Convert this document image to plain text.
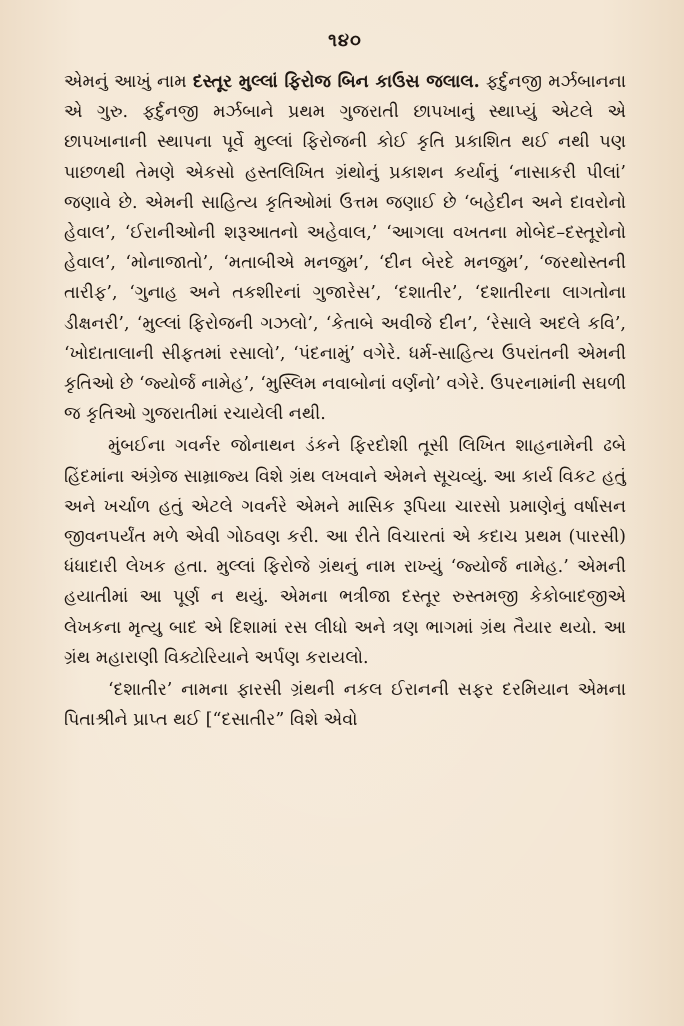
૧૪૦

એમનું આખું નામ દસ્તૂર મુલ્લાં ફિરોજ બિન કાઉસ જલાલ. ફર્દુનજી મર્ઝબાનના એ ગુરુ. ફર્દુનજી મર્ઝબાને પ્રથમ ગુજરાતી છાપખાનું સ્થાપ્યું એટલે એ છાપખાનાની સ્થાપના પૂર્વે મુલ્લાં ફિરોજની કોઈ કૃતિ પ્રકાશિત થઈ નથી પણ પાછળથી તેમણે એકસો હસ્તલિખિત ગ્રંથોનું પ્રકાશન કર્યાનું ‘નાસાકરી પીલાં’ જણાવે છે. એમની સાહિત્ય કૃતિઓમાં ઉત્તમ જણાઈ છે ‘બહેદીન અને દાવરોનો હેવાલ’, ‘ઈરાનીઓની શરૂઆતનો અહેવાલ,’ ‘આગલા વખતના મોબેદ–દસ્તૂરોનો હેવાલ’, ‘મોનાજાતો’, ‘મતાબીએ મનજુમ’, ‘દીન બેરદે મનજુમ’, ‘જરથોસ્તની તારીફ’, ‘ગુનાહ અને તકશીરનાં ગુજારેસ’, ‘દશાતીર’, ‘દશાતીરના લાગતોના ડીક્ષનરી’, ‘મુલ્લાં ફિરોજની ગઝલો’, ‘કેતાબે અવીજે દીન’, ‘રેસાલે અદલે કવિ’, ‘ખોદાતાલાની સીફતમાં રસાલો’, ‘પંદનામું’ વગેરે. ધર્મ-સાહિત્ય ઉપરાંતની એમની કૃતિઓ છે ‘જ્યોર્જ નામેહ’, ‘મુસ્લિમ નવાબોનાં વર્ણનો’ વગેરે. ઉપરનામાંની સઘળી જ કૃતિઓ ગુજરાતીમાં રચાયેલી નથી.

મુંબઈના ગવર્નર જોનાથન ડંકને ફિરદોશી તૂસી લિખિત શાહનામેની ઢબે હિંદમાંના અંગ્રેજ સામ્રાજ્ય વિશે ગ્રંથ લખવાને એમને સૂચવ્યું. આ કાર્ય વિકટ હતું અને ખર્ચાળ હતું એટલે ગવર્નરે એમને માસિક રૂપિયા ચારસો પ્રમાણેનું વર્ષાસન જીવનપર્યંત મળે એવી ગોઠવણ કરી. આ રીતે વિચારતાં એ કદાચ પ્રથમ (પારસી) ધંધાદારી લેખક હતા. મુલ્લાં ફિરોજે ગ્રંથનું નામ રાખ્યું ‘જ્યોર્જ નામેહ.’ એમની હયાતીમાં આ પૂર્ણ ન થયું. એમના ભત્રીજા દસ્તૂર રુસ્તમજી કેકોબાદજીએ લેખકના મૃત્યુ બાદ એ દિશામાં રસ લીધો અને ત્રણ ભાગમાં ગ્રંથ તૈયાર થયો. આ ગ્રંથ મહારાણી વિક્ટોરિયાને અર્પણ કરાયલો.

‘દશાતીર’ નામના ફારસી ગ્રંથની નકલ ઈરાનની સફર દરમિયાન એમના પિતાશ્રીને પ્રાપ્ત થઈ [“દસાતીર” વિશે એવો
